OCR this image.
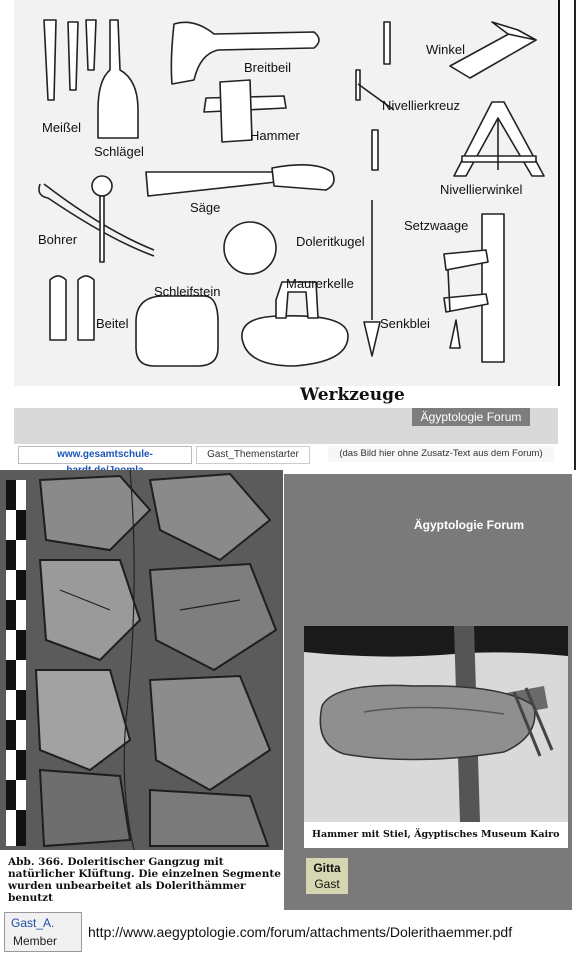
Meißel
Schlägel
Breitbeil
Hammer
Nivellierkreuz
Winkel
Säge
Nivellierwinkel
Bohrer	Doleritkugel
Setzwaage
Beitel
Schleifstein
Maurerkelle
Senkblei
Werkzeuge
Ägyptologie Forum
www.gesamtschule-	Gast_Themenstarter	(das Bild hier ohne Zusatz-Text aus dem Forum)
3
2
1
Abb. 366. Doleritischer Gangzug mit natürlicher Klüftung. Die einzelnen Segmente wurden unbearbeitet als Dolerithämmer benutzt
Ägyptologie Forum
Hammer mit Stiel, Ägyptisches Museum Kairo
Gitta
Gast
Gast_A.
Member
http://www.aegyptologie.com/forum/attachments/Dolerithaemmer.pdf
